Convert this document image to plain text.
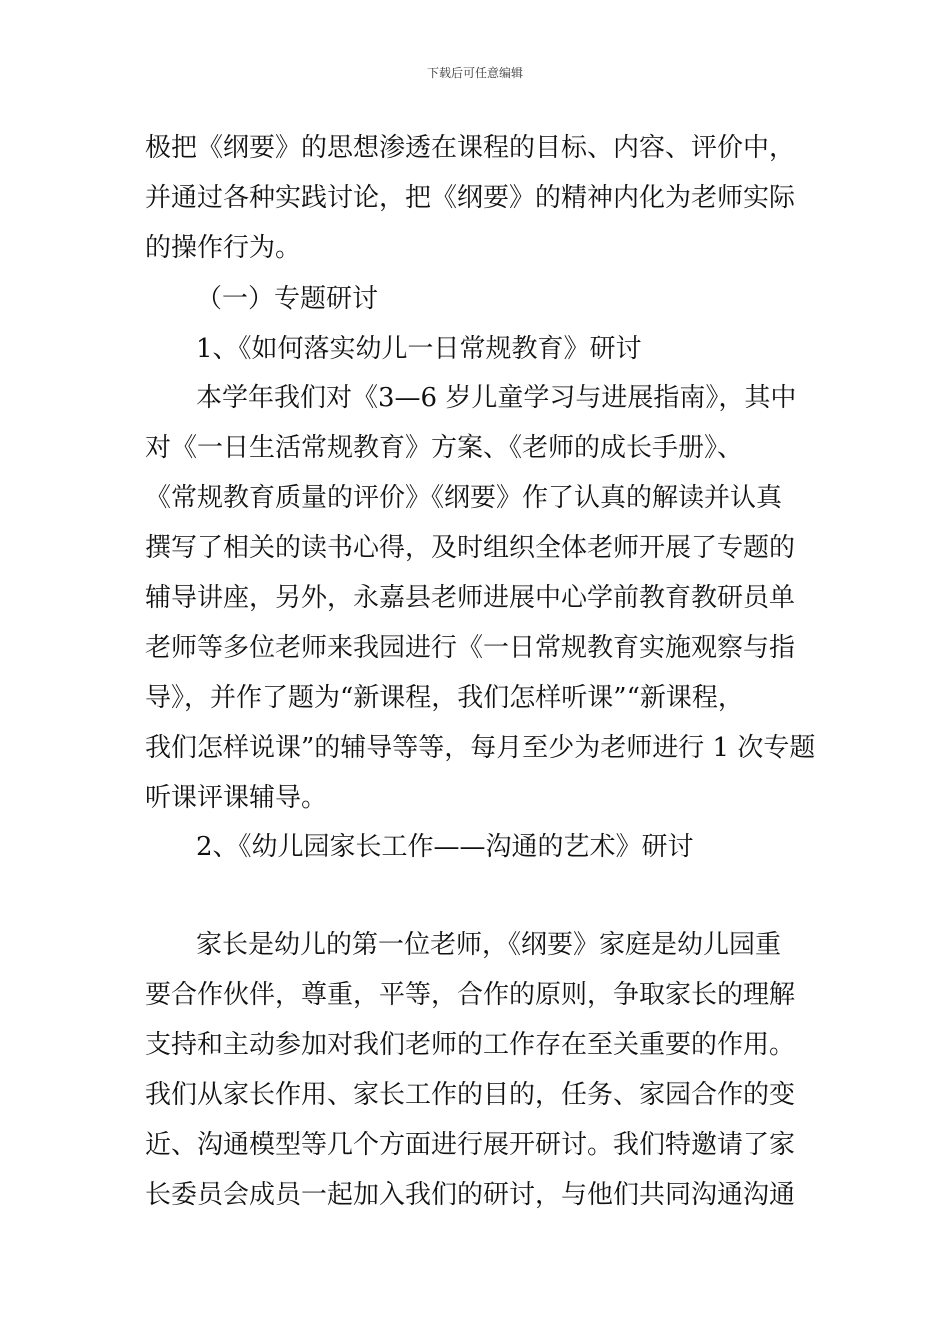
下载后可任意编辑
极把《纲要》的思想渗透在课程的目标、内容、评价中，
并通过各种实践讨论，把《纲要》的精神内化为老师实际
的操作行为。
（一）专题研讨
1、《如何落实幼儿一日常规教育》研讨
本学年我们对《3—6 岁儿童学习与进展指南》，其中
对《一日生活常规教育》方案、《老师的成长手册》、
《常规教育质量的评价》《纲要》作了认真的解读并认真
撰写了相关的读书心得，及时组织全体老师开展了专题的
辅导讲座，另外，永嘉县老师进展中心学前教育教研员单
老师等多位老师来我园进行《一日常规教育实施观察与指
导》，并作了题为“新课程，我们怎样听课”“新课程，
我们怎样说课”的辅导等等，每月至少为老师进行 1 次专题
听课评课辅导。
2、《幼儿园家长工作——沟通的艺术》研讨
家长是幼儿的第一位老师，《纲要》家庭是幼儿园重
要合作伙伴，尊重，平等，合作的原则，争取家长的理解
支持和主动参加对我们老师的工作存在至关重要的作用。
我们从家长作用、家长工作的目的，任务、家园合作的变
近、沟通模型等几个方面进行展开研讨。我们特邀请了家
长委员会成员一起加入我们的研讨，与他们共同沟通沟通
